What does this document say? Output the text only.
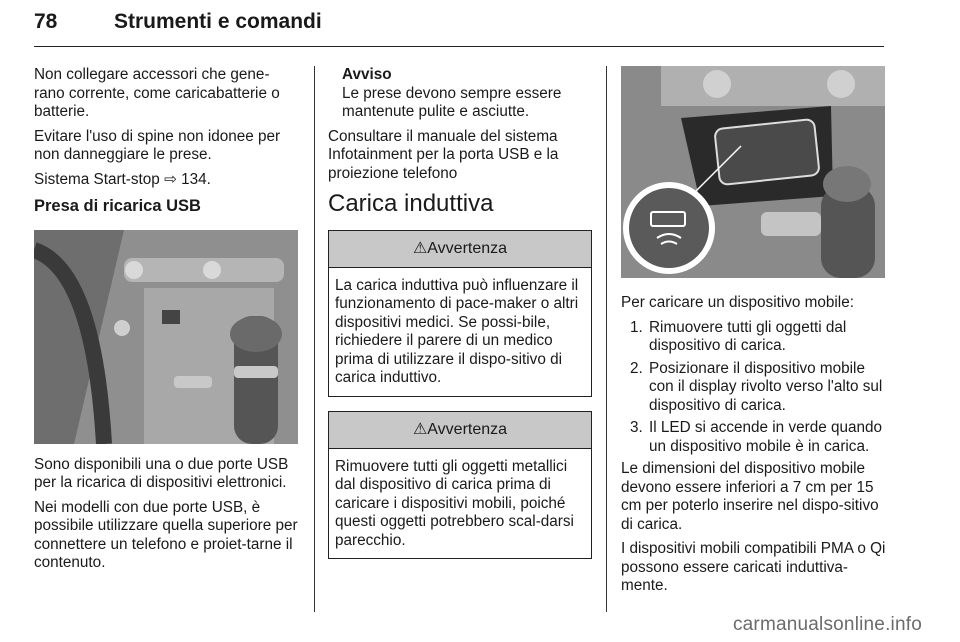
78	Strumenti e comandi

Non collegare accessori che gene-rano corrente, come caricabatterie o batterie.

Evitare l'uso di spine non idonee per non danneggiare le prese.

Sistema Start-stop ⇨ 134.

Presa di ricarica USB

Sono disponibili una o due porte USB per la ricarica di dispositivi elettronici.

Nei modelli con due porte USB, è possibile utilizzare quella superiore per connettere un telefono e proiet-tarne il contenuto.

Avviso
Le prese devono sempre essere mantenute pulite e asciutte.

Consultare il manuale del sistema Infotainment per la porta USB e la proiezione telefono

Carica induttiva
⚠Avvertenza
La carica induttiva può influenzare il funzionamento di pace-maker o altri dispositivi medici. Se possi-bile, richiedere il parere di un medico prima di utilizzare il dispo-sitivo di carica induttivo.
⚠Avvertenza
Rimuovere tutti gli oggetti metallici dal dispositivo di carica prima di caricare i dispositivi mobili, poiché questi oggetti potrebbero scal-darsi parecchio.

Per caricare un dispositivo mobile:

1. Rimuovere tutti gli oggetti dal dispositivo di carica.
2. Posizionare il dispositivo mobile con il display rivolto verso l'alto sul dispositivo di carica.
3. Il LED si accende in verde quando un dispositivo mobile è in carica.

Le dimensioni del dispositivo mobile devono essere inferiori a 7 cm per 15 cm per poterlo inserire nel dispo-sitivo di carica.

I dispositivi mobili compatibili PMA o Qi possono essere caricati induttiva-mente.

carmanualsonline.info
